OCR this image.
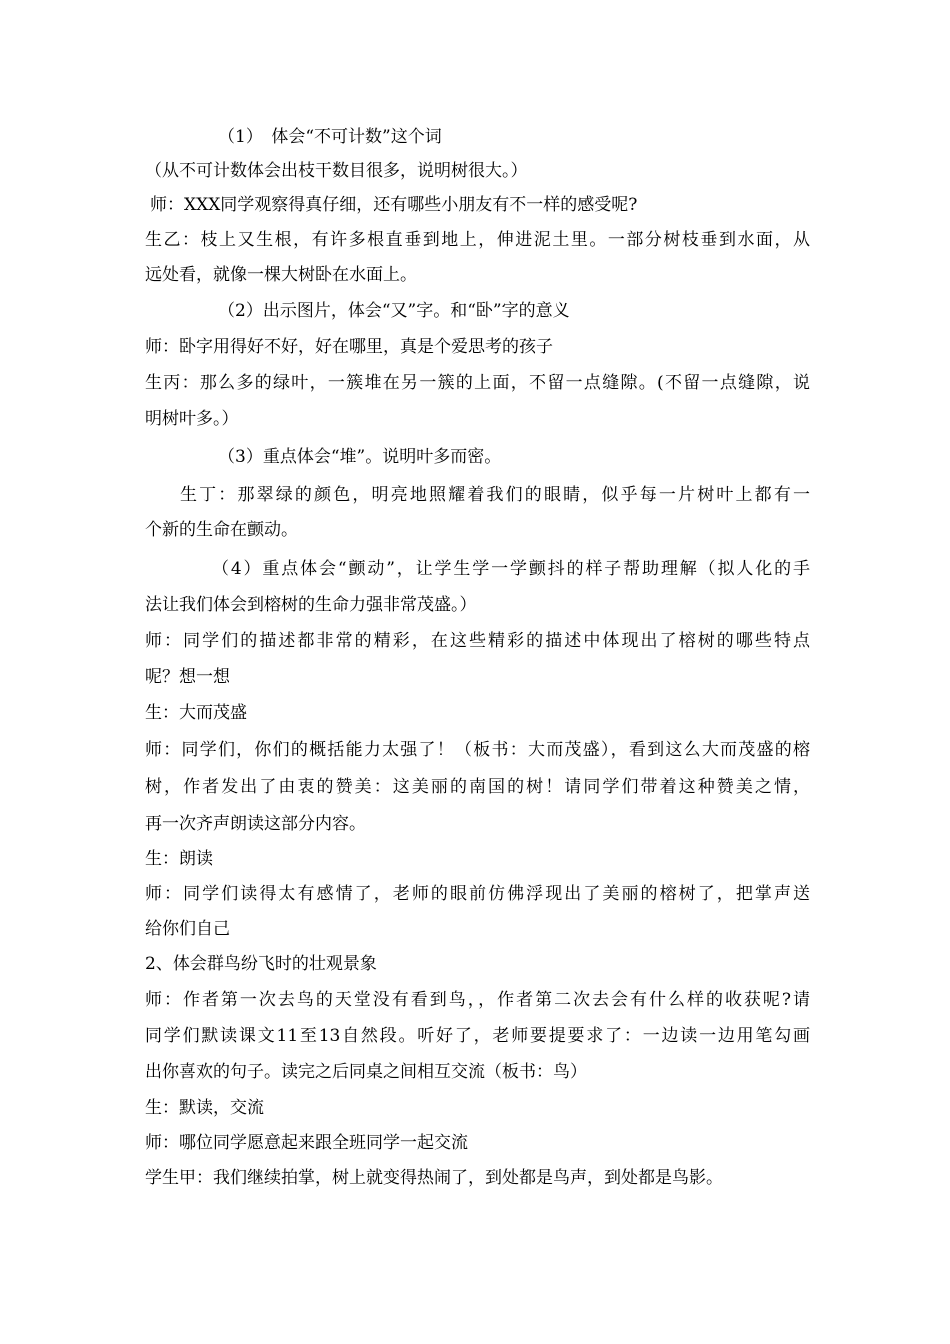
（1）　体会“不可计数”这个词
（从不可计数体会出枝干数目很多，说明树很大。）
师：XXX同学观察得真仔细，还有哪些小朋友有不一样的感受呢?
生乙：枝上又生根，有许多根直垂到地上，伸进泥土里。一部分树枝垂到水面，从
远处看，就像一棵大树卧在水面上。
（2）出示图片，体会“又”字。和“卧”字的意义
师：卧字用得好不好，好在哪里，真是个爱思考的孩子
生丙：那么多的绿叶，一簇堆在另一簇的上面，不留一点缝隙。(不留一点缝隙，说
明树叶多。）
（3）重点体会“堆”。说明叶多而密。
生丁：那翠绿的颜色，明亮地照耀着我们的眼睛，似乎每一片树叶上都有一
个新的生命在颤动。
（4）重点体会“颤动”，让学生学一学颤抖的样子帮助理解（拟人化的手
法让我们体会到榕树的生命力强非常茂盛。）
师：同学们的描述都非常的精彩，在这些精彩的描述中体现出了榕树的哪些特点
呢？想一想
生：大而茂盛
师：同学们，你们的概括能力太强了！（板书：大而茂盛），看到这么大而茂盛的榕
树，作者发出了由衷的赞美：这美丽的南国的树！请同学们带着这种赞美之情，
再一次齐声朗读这部分内容。
生：朗读
师：同学们读得太有感情了，老师的眼前仿佛浮现出了美丽的榕树了，把掌声送
给你们自己
2、体会群鸟纷飞时的壮观景象
师：作者第一次去鸟的天堂没有看到鸟，，作者第二次去会有什么样的收获呢?请
同学们默读课文11至13自然段。听好了，老师要提要求了：一边读一边用笔勾画
出你喜欢的句子。读完之后同桌之间相互交流（板书：鸟）
生：默读，交流
师：哪位同学愿意起来跟全班同学一起交流
学生甲：我们继续拍掌，树上就变得热闹了，到处都是鸟声，到处都是鸟影。
